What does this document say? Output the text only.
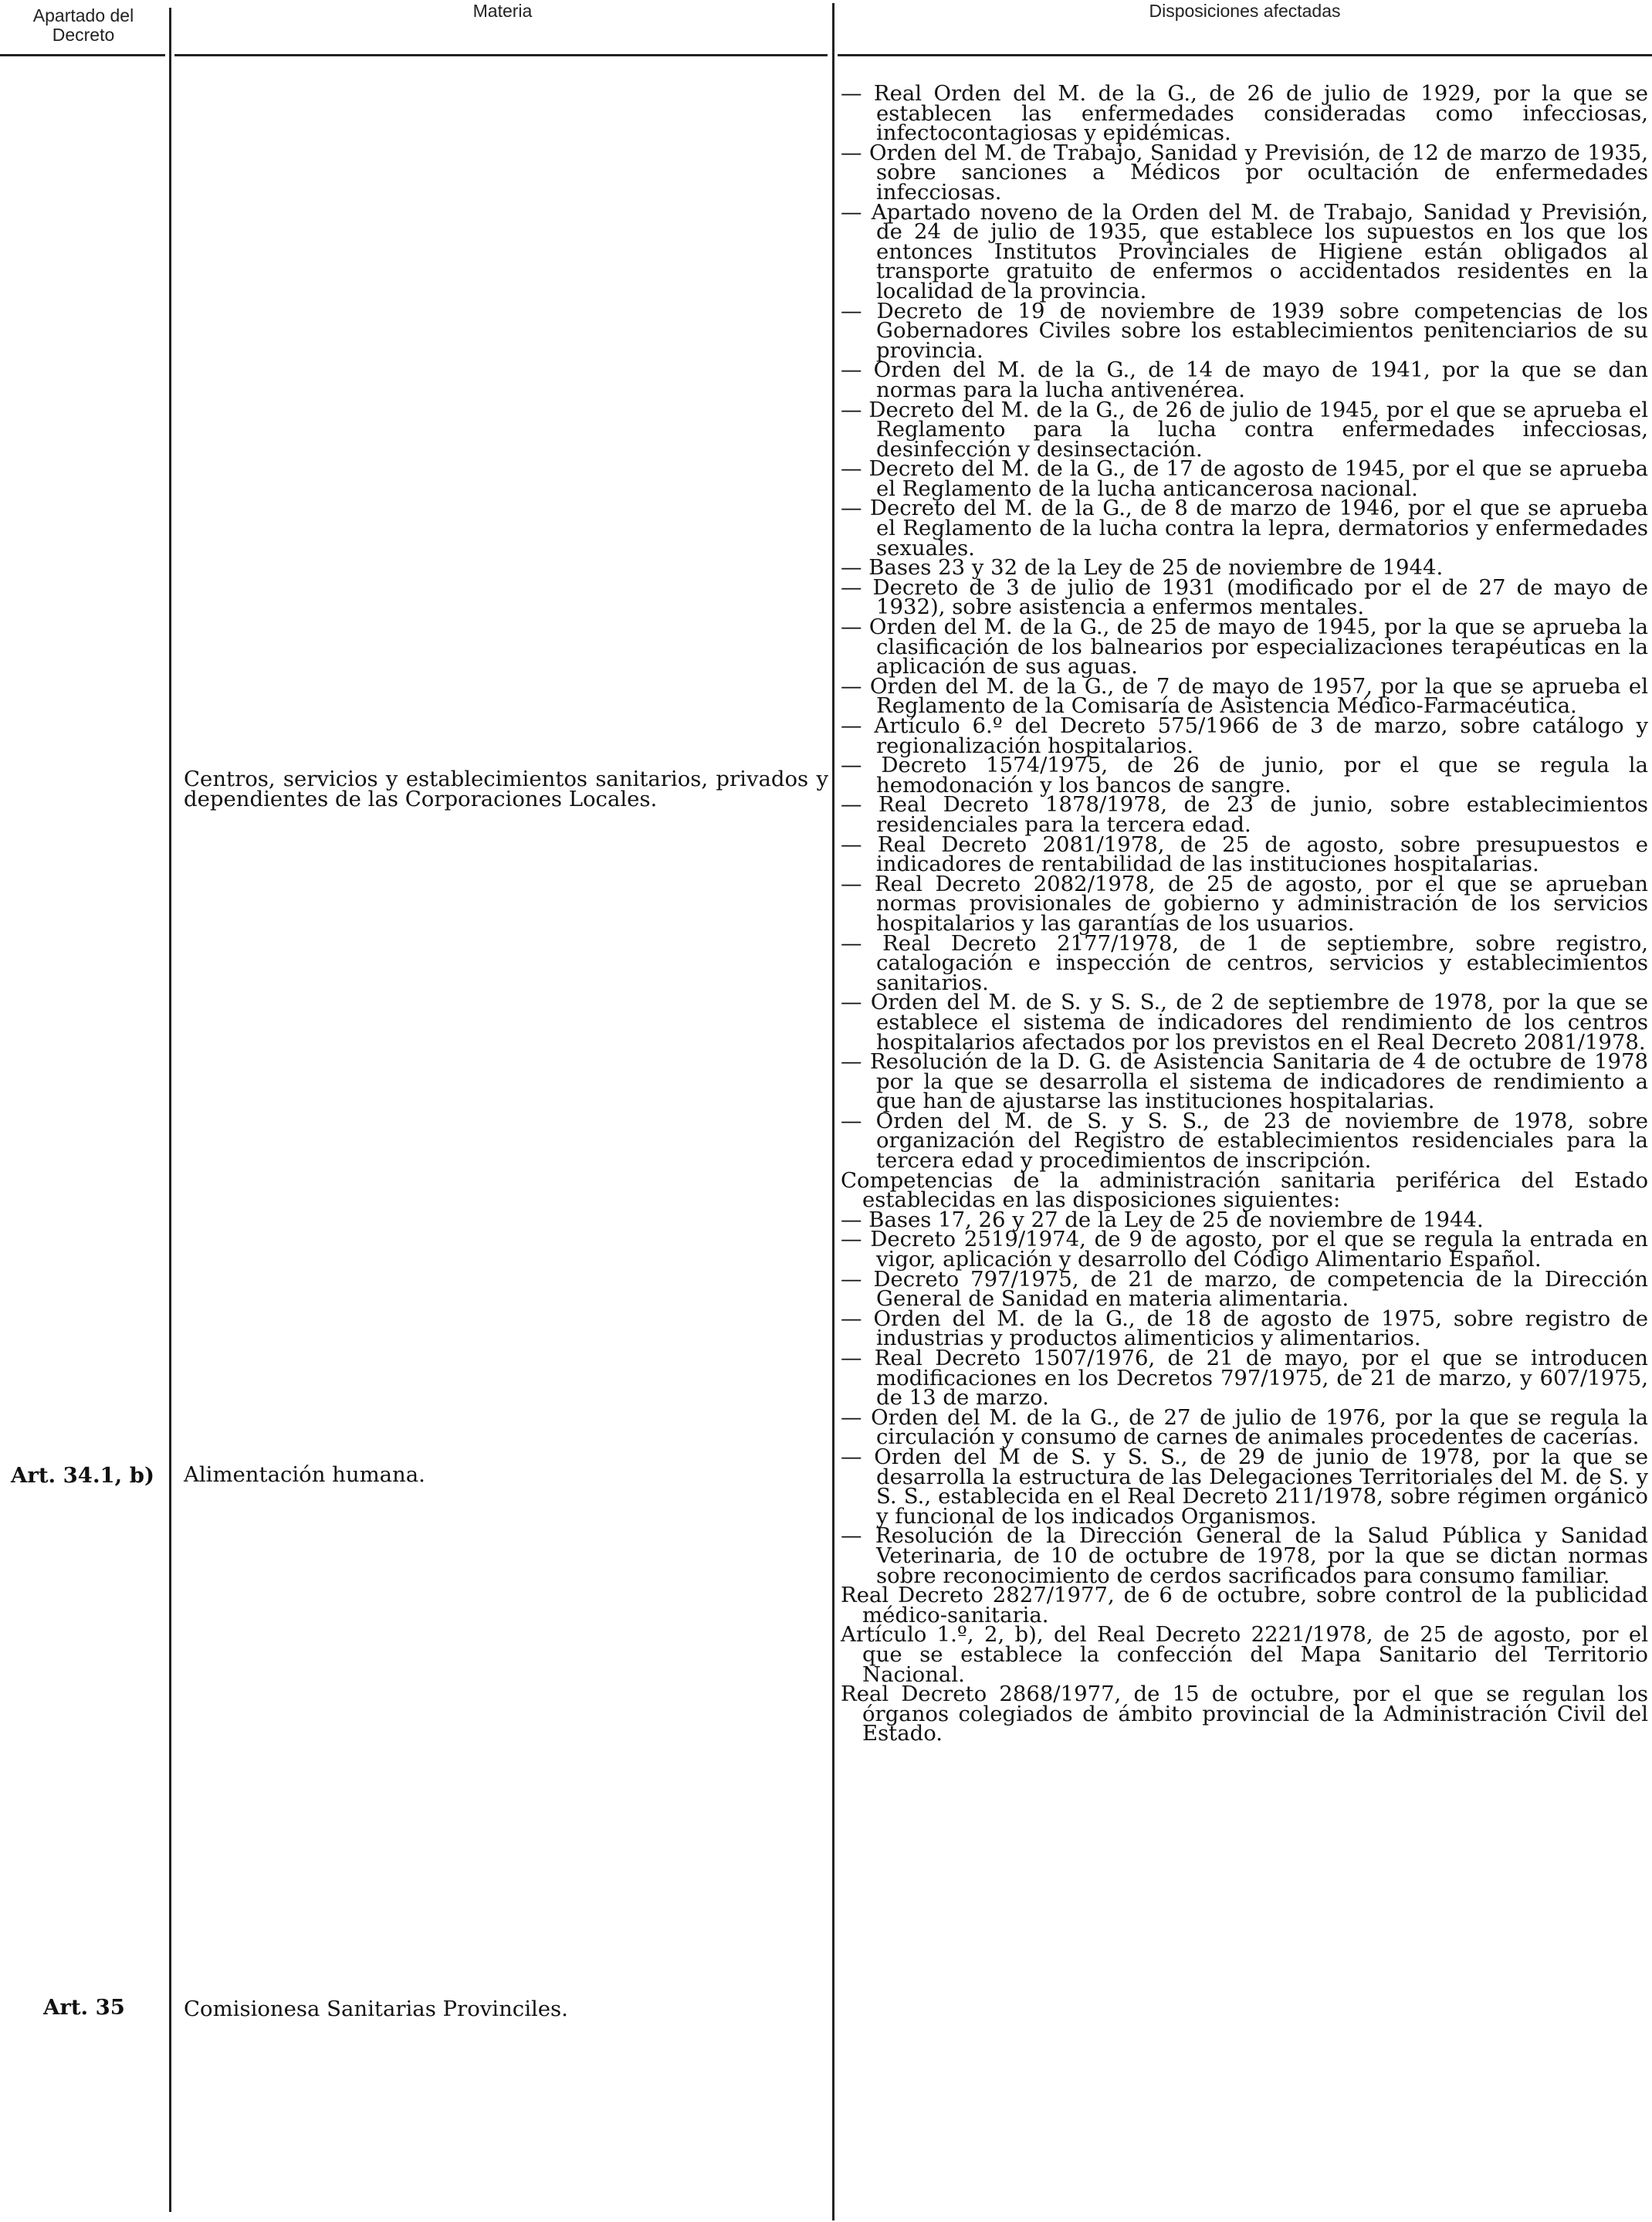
Apartado del Decreto
Materia	Disposiciones afectadas
Art. 34.1, b)
Art. 35
Centros, servicios y establecimientos sanitarios, privados y dependientes de las Corporaciones Locales.
Alimentación humana.
Comisionesa Sanitarias Provinciles.
— Real Orden del M. de la G., de 26 de julio de 1929, por la que se establecen las enfermedades consideradas como infecciosas, infectocontagiosas y epidémicas.
— Orden del M. de Trabajo, Sanidad y Previsión, de 12 de marzo de 1935, sobre sanciones a Médicos por ocultación de enfermedades infecciosas.
— Apartado noveno de la Orden del M. de Trabajo, Sanidad y Previsión, de 24 de julio de 1935, que establece los supuestos en los que los entonces Institutos Provinciales de Higiene están obligados al transporte gratuito de enfermos o accidentados residentes en la localidad de la provincia.
— Decreto de 19 de noviembre de 1939 sobre competencias de los Gobernadores Civiles sobre los establecimientos penitenciarios de su provincia.
— Orden del M. de la G., de 14 de mayo de 1941, por la que se dan normas para la lucha antivenérea.
— Decreto del M. de la G., de 26 de julio de 1945, por el que se aprueba el Reglamento para la lucha contra enfermedades infecciosas, desinfección y desinsectación.
— Decreto del M. de la G., de 17 de agosto de 1945, por el que se aprueba el Reglamento de la lucha anticancerosa nacional.
— Decreto del M. de la G., de 8 de marzo de 1946, por el que se aprueba el Reglamento de la lucha contra la lepra, dermatorios y enfermedades sexuales.
— Bases 23 y 32 de la Ley de 25 de noviembre de 1944.
— Decreto de 3 de julio de 1931 (modificado por el de 27 de mayo de 1932), sobre asistencia a enfermos mentales.
— Orden del M. de la G., de 25 de mayo de 1945, por la que se aprueba la clasificación de los balnearios por especializaciones terapéuticas en la aplicación de sus aguas.
— Orden del M. de la G., de 7 de mayo de 1957, por la que se aprueba el Reglamento de la Comisaría de Asistencia Médico-Farmacéutica.
— Artículo 6.º del Decreto 575/1966 de 3 de marzo, sobre catálogo y regionalización hospitalarios.
— Decreto 1574/1975, de 26 de junio, por el que se regula la hemodonación y los bancos de sangre.
— Real Decreto 1878/1978, de 23 de junio, sobre establecimientos residenciales para la tercera edad.
— Real Decreto 2081/1978, de 25 de agosto, sobre presupuestos e indicadores de rentabilidad de las instituciones hospitalarias.
— Real Decreto 2082/1978, de 25 de agosto, por el que se aprueban normas provisionales de gobierno y administración de los servicios hospitalarios y las garantías de los usuarios.
— Real Decreto 2177/1978, de 1 de septiembre, sobre registro, catalogación e inspección de centros, servicios y establecimientos sanitarios.
— Orden del M. de S. y S. S., de 2 de septiembre de 1978, por la que se establece el sistema de indicadores del rendimiento de los centros hospitalarios afectados por los previstos en el Real Decreto 2081/1978.
— Resolución de la D. G. de Asistencia Sanitaria de 4 de octubre de 1978 por la que se desarrolla el sistema de indicadores de rendimiento a que han de ajustarse las instituciones hospitalarias.
— Orden del M. de S. y S. S., de 23 de noviembre de 1978, sobre organización del Registro de establecimientos residenciales para la tercera edad y procedimientos de inscripción.
Competencias de la administración sanitaria periférica del Estado establecidas en las disposiciones siguientes:
— Bases 17, 26 y 27 de la Ley de 25 de noviembre de 1944.
— Decreto 2519/1974, de 9 de agosto, por el que se regula la entrada en vigor, aplicación y desarrollo del Código Alimentario Español.
— Decreto 797/1975, de 21 de marzo, de competencia de la Dirección General de Sanidad en materia alimentaria.
— Orden del M. de la G., de 18 de agosto de 1975, sobre registro de industrias y productos alimenticios y alimentarios.
— Real Decreto 1507/1976, de 21 de mayo, por el que se introducen modificaciones en los Decretos 797/1975, de 21 de marzo, y 607/1975, de 13 de marzo.
— Orden del M. de la G., de 27 de julio de 1976, por la que se regula la circulación y consumo de carnes de animales procedentes de cacerías.
— Orden del M de S. y S. S., de 29 de junio de 1978, por la que se desarrolla la estructura de las Delegaciones Territoriales del M. de S. y S. S., establecida en el Real Decreto 211/1978, sobre régimen orgánico y funcional de los indicados Organismos.
— Resolución de la Dirección General de la Salud Pública y Sanidad Veterinaria, de 10 de octubre de 1978, por la que se dictan normas sobre reconocimiento de cerdos sacrificados para consumo familiar.
Real Decreto 2827/1977, de 6 de octubre, sobre control de la publicidad médico-sanitaria.
Artículo 1.º, 2, b), del Real Decreto 2221/1978, de 25 de agosto, por el que se establece la confección del Mapa Sanitario del Territorio Nacional.
Real Decreto 2868/1977, de 15 de octubre, por el que se regulan los órganos colegiados de ámbito provincial de la Administración Civil del Estado.
